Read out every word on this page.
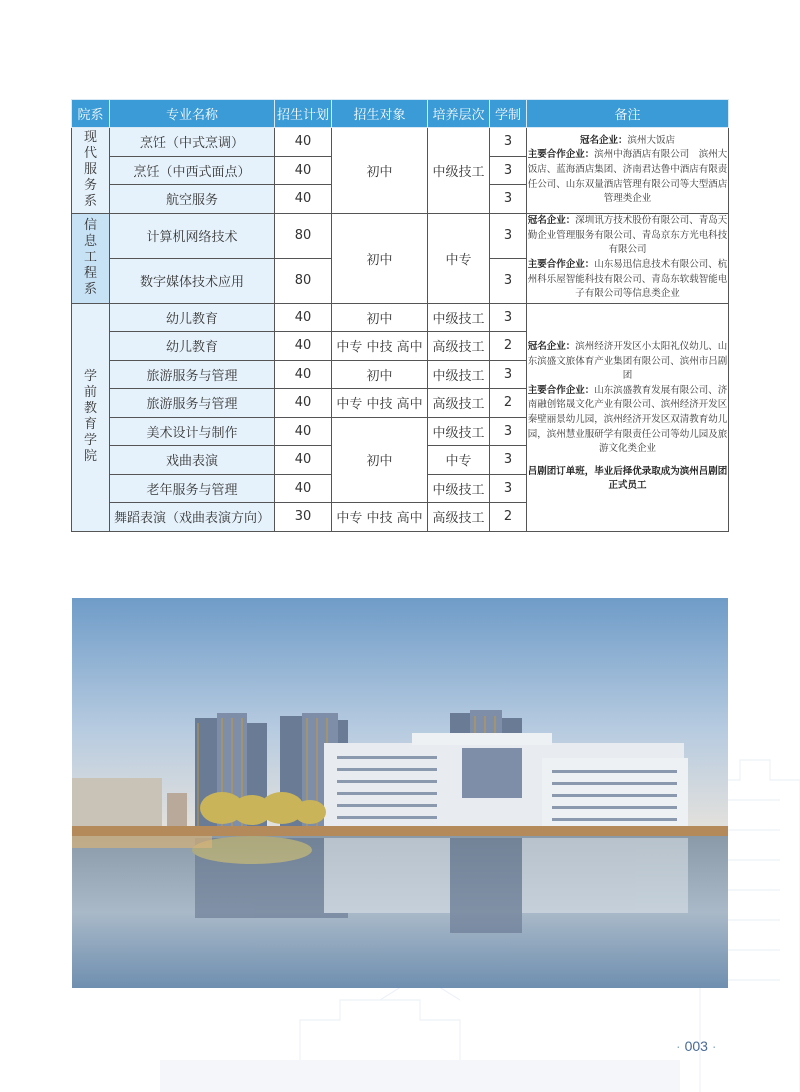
院系	专业名称	招生计划	招生对象	培养层次	学制	备注
现代服务系	烹饪（中式烹调）	40	初中	中级技工	3	冠名企业：滨州大饭店

主要合作企业：滨州中海酒店有限公司　滨州大饭店、蓝海酒店集团、济南君达鲁中酒店有限责任公司、山东双量酒店管理有限公司等大型酒店管理类企业

	烹饪（中西式面点）	40			3	
	航空服务	40			3	
信息工程系	计算机网络技术	80	初中	中专	3	冠名企业：深圳讯方技术股份有限公司、青岛天勤企业管理服务有限公司、青岛京东方光电科技有限公司

主要合作企业：山东易迅信息技术有限公司、杭州科乐屋智能科技有限公司、青岛东软载智能电子有限公司等信息类企业

	数字媒体技术应用	80			3	
学前教育学院	幼儿教育	40	初中	中级技工	3	冠名企业：滨州经济开发区小太阳礼仪幼儿、山东滨盛文旅体育产业集团有限公司、滨州市吕剧团

主要合作企业：山东滨盛教育发展有限公司、济南融创铭晟文化产业有限公司、滨州经济开发区秦壁丽景幼儿园，滨州经济开发区双清教育幼儿园，滨州慧业服研学有限责任公司等幼儿园及旅游文化类企业

吕剧团订单班，毕业后择优录取成为滨州吕剧团正式员工

	幼儿教育	40	中专 中技 高中	高级技工	2	
	旅游服务与管理	40	初中	中级技工	3	
	旅游服务与管理	40	中专 中技 高中	高级技工	2	
	美术设计与制作	40	初中	中级技工	3	
	戏曲表演	40		中专	3	
	老年服务与管理	40		中级技工	3	
	舞蹈表演（戏曲表演方向）	30	中专 中技 高中	高级技工	2	
· 003 ·
